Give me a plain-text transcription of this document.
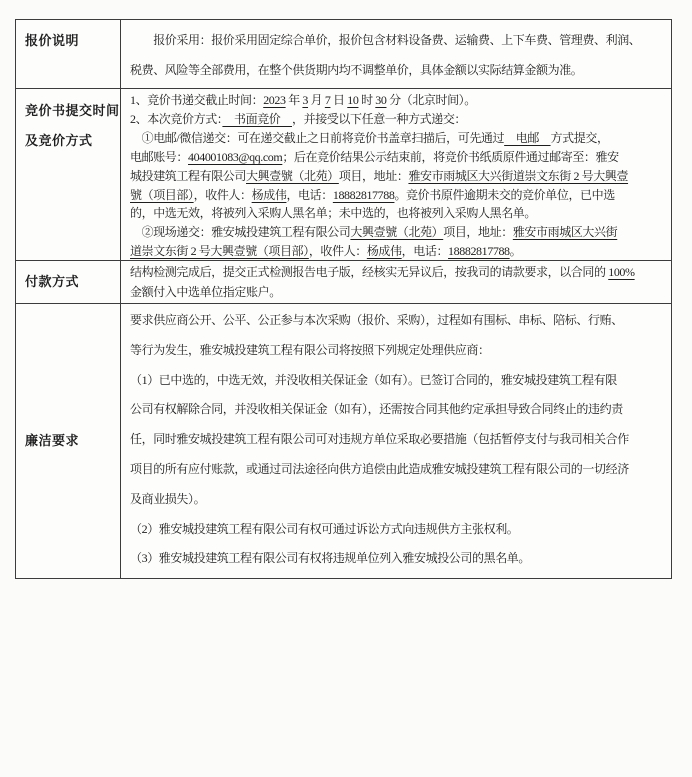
报价说明	　　报价采用：报价采用固定综合单价，报价包含材料设备费、运输费、上下车费、管理费、利润、
税费、风险等全部费用，在整个供货期内均不调整单价，具体金额以实际结算金额为准。
竞价书提交时间
及竞价方式
1、竞价书递交截止时间：2023 年 3 月 7 日 10 时 30 分（北京时间）。
2、本次竞价方式：　书面竞价　，并接受以下任意一种方式递交：
　①电邮/微信递交：可在递交截止之日前将竞价书盖章扫描后，可先通过　电邮　方式提交，
电邮账号：404001083@qq.com；后在竞价结果公示结束前，将竞价书纸质原件通过邮寄至：雅安
城投建筑工程有限公司大興壹號（北苑）项目，地址：雅安市雨城区大兴街道崇文东街 2 号大興壹
號（项目部），收件人：杨成伟，电话：18882817788。竞价书原件逾期未交的竞价单位，已中选
的，中选无效，将被列入采购人黑名单；未中选的，也将被列入采购人黑名单。
　②现场递交：雅安城投建筑工程有限公司大興壹號（北苑）项目，地址：雅安市雨城区大兴街
道崇文东街 2 号大興壹號（项目部），收件人：杨成伟，电话：18882817788。
付款方式
结构检测完成后，提交正式检测报告电子版，经核实无异议后，按我司的请款要求，以合同的 100%
金额付入中选单位指定账户。
廉洁要求
要求供应商公开、公平、公正参与本次采购（报价、采购），过程如有围标、串标、陪标、行贿、
等行为发生，雅安城投建筑工程有限公司将按照下列规定处理供应商：
（1）已中选的，中选无效，并没收相关保证金（如有）。已签订合同的，雅安城投建筑工程有限
公司有权解除合同，并没收相关保证金（如有），还需按合同其他约定承担导致合同终止的违约责
任，同时雅安城投建筑工程有限公司可对违规方单位采取必要措施（包括暂停支付与我司相关合作
项目的所有应付账款，或通过司法途径向供方追偿由此造成雅安城投建筑工程有限公司的一切经济
及商业损失）。
（2）雅安城投建筑工程有限公司有权可通过诉讼方式向违规供方主张权利。
（3）雅安城投建筑工程有限公司有权将违规单位列入雅安城投公司的黑名单。
